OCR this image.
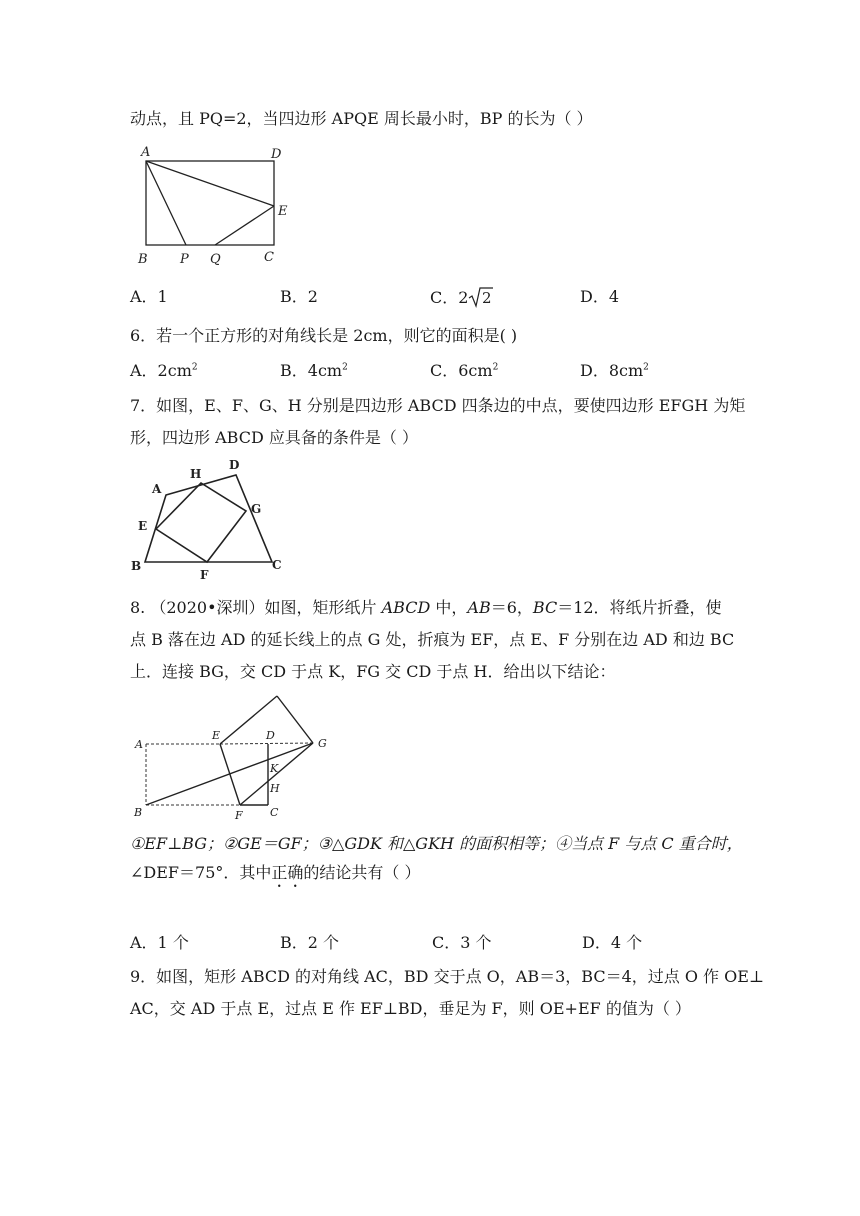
动点，且 PQ=2，当四边形 APQE 周长最小时，BP 的长为（ ）
A	D
E
B P Q	C
A．1	B．2	C．2 2	D．4
6．若一个正方形的对角线长是 2cm，则它的面积是( )
A．$2cm^2$	B．$4cm^2$	C．$6cm^2$	D．$8cm^2$
7．如图，E、F、G、H 分别是四边形 ABCD 四条边的中点，要使四边形 EFGH 为矩
形，四边形 ABCD 应具备的条件是（ ）
A
H
D
E
G
B
F
C
8. （2020•深圳）如图，矩形纸片 ABCD 中，AB＝6，BC＝12．将纸片折叠，使
点 B 落在边 AD 的延长线上的点 G 处，折痕为 EF，点 E、F 分别在边 AD 和边 BC
上．连接 BG，交 CD 于点 K，FG 交 CD 于点 H．给出以下结论：
A
E	D
G
K
H
B	F C
①EF⊥BG；②GE＝GF；③△GDK 和△GKH 的面积相等；④当点 F 与点 C 重合时，
∠DEF＝75°．其中正确的结论共有（ ）
A．1 个	B．2 个	C．3 个	D．4 个
9．如图，矩形 ABCD 的对角线 AC，BD 交于点 O，AB＝3，BC＝4，过点 O 作 OE⊥
AC，交 AD 于点 E，过点 E 作 EF⊥BD，垂足为 F，则 OE+EF 的值为（ ）
